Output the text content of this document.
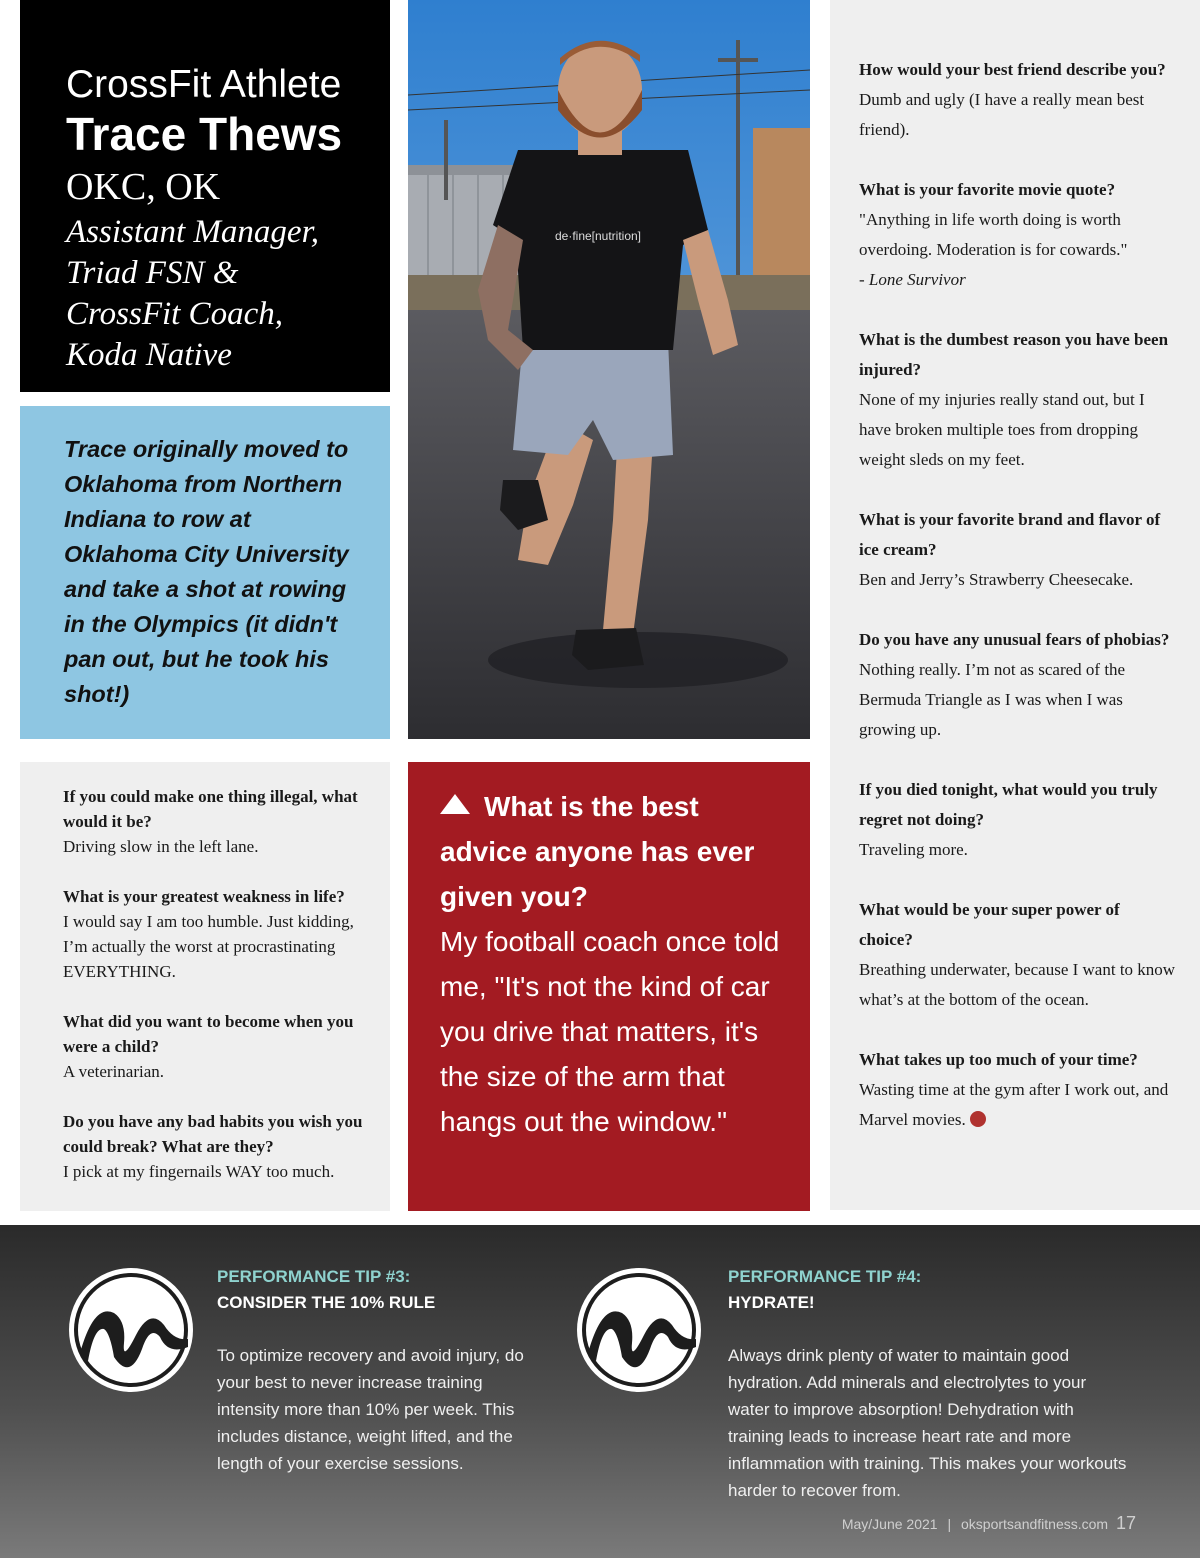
CrossFit Athlete
Trace Thews
OKC, OK
Assistant Manager,
Triad FSN &
CrossFit Coach,
Koda Native

Trace originally moved to Oklahoma from Northern Indiana to row at Oklahoma City University and take a shot at rowing in the Olympics (it didn't pan out, but he took his shot!)

de·fine[nutrition]
How would your best friend describe you?
Dumb and ugly (I have a really mean best friend).
What is your favorite movie quote?
"Anything in life worth doing is worth overdoing. Moderation is for cowards."
- Lone Survivor
What is the dumbest reason you have been injured?
None of my injuries really stand out, but I have broken multiple toes from dropping weight sleds on my feet.
What is your favorite brand and flavor of ice cream?
Ben and Jerry’s Strawberry Cheesecake.
Do you have any unusual fears of phobias?
Nothing really. I’m not as scared of the Bermuda Triangle as I was when I was growing up.
If you died tonight, what would you truly regret not doing?
Traveling more.
What would be your super power of choice?
Breathing underwater, because I want to know what’s at the bottom of the ocean.
What takes up too much of your time?
Wasting time at the gym after I work out, and Marvel movies.
If you could make one thing illegal, what would it be?
Driving slow in the left lane.
What is your greatest weakness in life?
I would say I am too humble. Just kidding, I’m actually the worst at procrastinating EVERYTHING.
What did you want to become when you were a child?
A veterinarian.
Do you have any bad habits you wish you could break? What are they?
I pick at my fingernails WAY too much.
What is the best advice anyone has ever given you?
My football coach once told me, "It's not the kind of car you drive that matters, it's the size of the arm that hangs out the window."
PERFORMANCE TIP #3:
CONSIDER THE 10% RULE
To optimize recovery and avoid injury, do your best to never increase training intensity more than 10% per week. This includes distance, weight lifted, and the length of your exercise sessions.
PERFORMANCE TIP #4:
HYDRATE!
Always drink plenty of water to maintain good hydration. Add minerals and electrolytes to your water to improve absorption! Dehydration with training leads to increase heart rate and more inflammation with training. This makes your workouts harder to recover from.
May/June 2021 | oksportsandfitness.com 17
